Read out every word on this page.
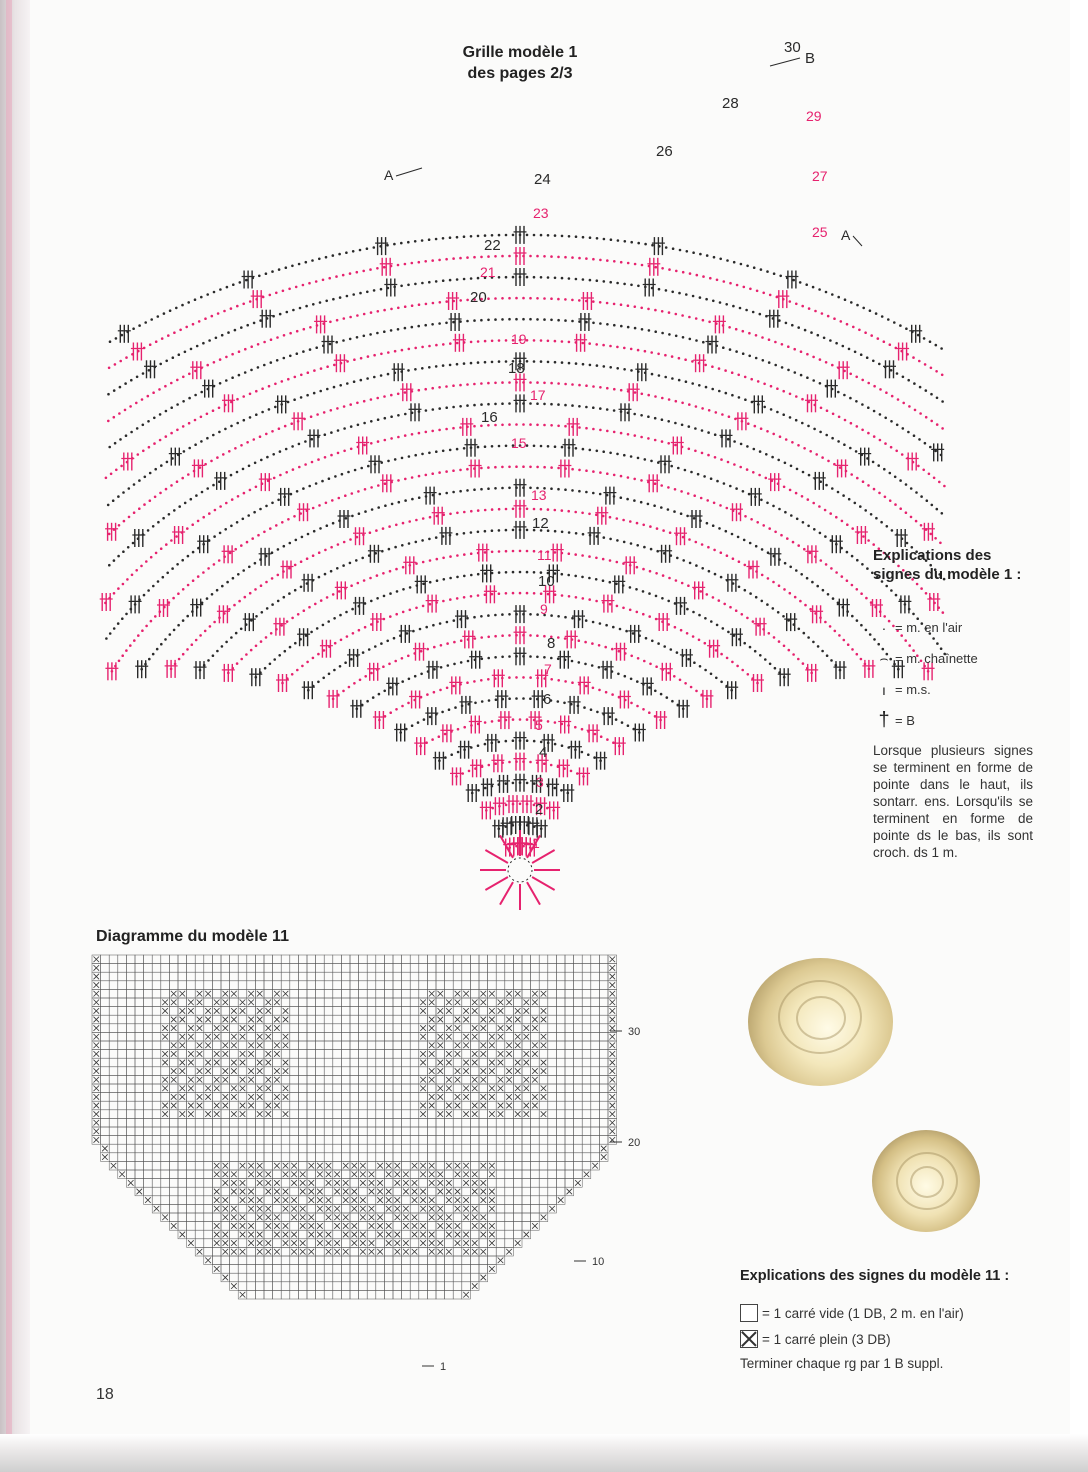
30
28
26
24
22
20
18
16
12
10
8
6
4
2
29
27
25
23
21
19
17
15
13
11
9
7
5
3
1
A
A
B
30
20
10
1
Grille modèle 1
des pages 2/3
Explications des
signes du modèle 1 :
· = m. en l'air
⌢ = m. chaînette
ı = m.s.
† = B

Lorsque plusieurs signes se terminent en forme de pointe dans le haut, ils sontarr. ens. Lorsqu'ils se terminent en forme de pointe ds le bas, ils sont croch. ds 1 m.

Diagramme du modèle 11
Explications des signes du modèle 11 :
= 1 carré vide (1 DB, 2 m. en l'air)
= 1 carré plein (3 DB)

Terminer chaque rg par 1 B suppl.

18
